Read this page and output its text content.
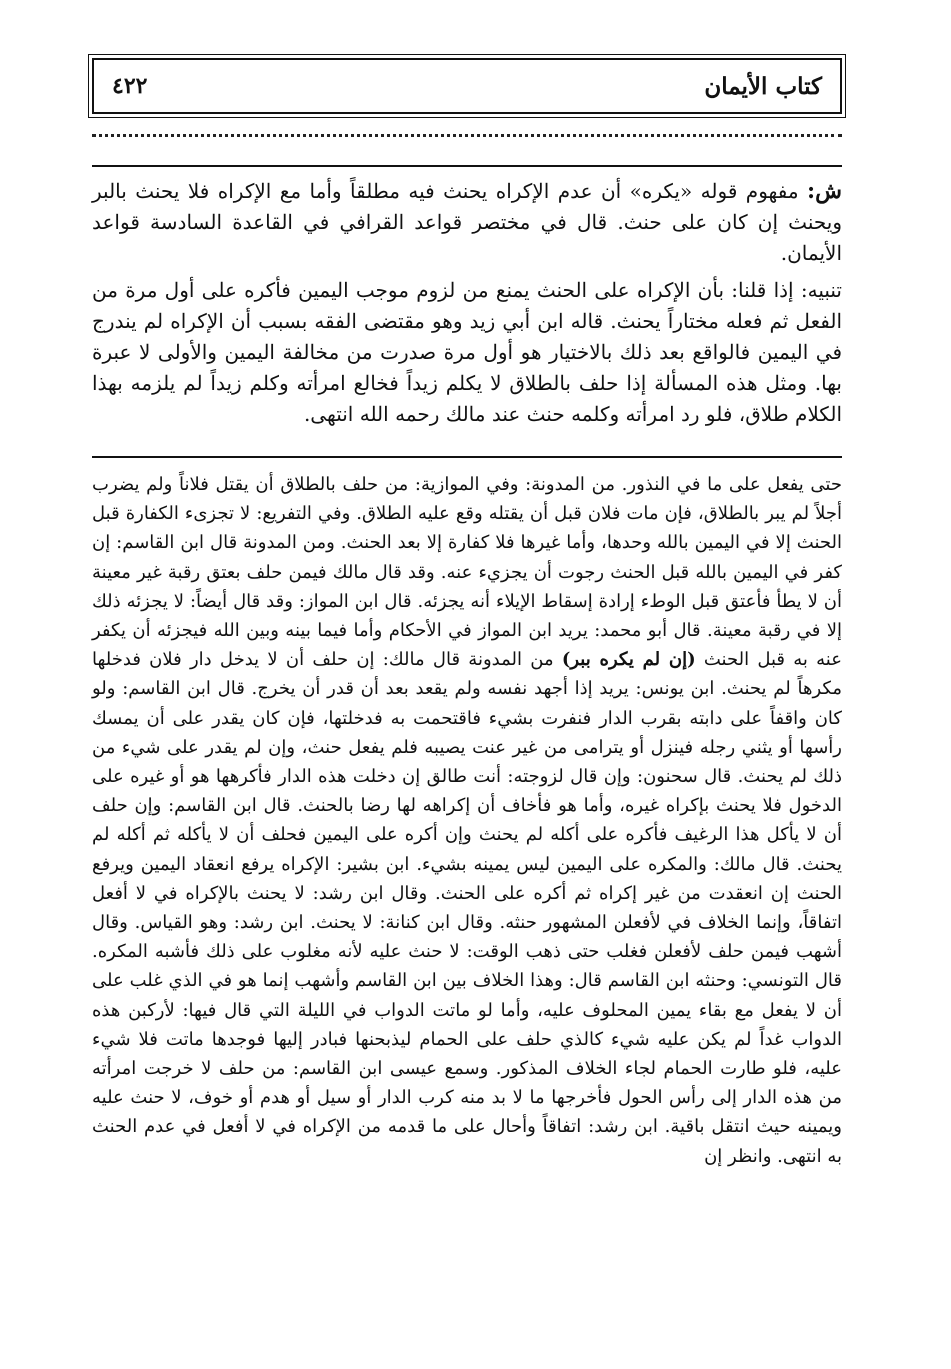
كتاب الأيمان
٤٢٢

ش: مفهوم قوله «يكره» أن عدم الإكراه يحنث فيه مطلقاً وأما مع الإكراه فلا يحنث بالبر ويحنث إن كان على حنث. قال في مختصر قواعد القرافي في القاعدة السادسة قواعد الأيمان.

تنبيه: إذا قلنا: بأن الإكراه على الحنث يمنع من لزوم موجب اليمين فأكره على أول مرة من الفعل ثم فعله مختاراً يحنث. قاله ابن أبي زيد وهو مقتضى الفقه بسبب أن الإكراه لم يندرج في اليمين فالواقع بعد ذلك بالاختيار هو أول مرة صدرت من مخالفة اليمين والأولى لا عبرة بها. ومثل هذه المسألة إذا حلف بالطلاق لا يكلم زيداً فخالع امرأته وكلم زيداً لم يلزمه بهذا الكلام طلاق، فلو رد امرأته وكلمه حنث عند مالك رحمه الله انتهى.

حتى يفعل على ما في النذور. من المدونة: وفي الموازية: من حلف بالطلاق أن يقتل فلاناً ولم يضرب أجلاً لم يبر بالطلاق، فإن مات فلان قبل أن يقتله وقع عليه الطلاق. وفي التفريع: لا تجزىء الكفارة قبل الحنث إلا في اليمين بالله وحدها، وأما غيرها فلا كفارة إلا بعد الحنث. ومن المدونة قال ابن القاسم: إن كفر في اليمين بالله قبل الحنث رجوت أن يجزيء عنه. وقد قال مالك فيمن حلف بعتق رقبة غير معينة أن لا يطأ فأعتق قبل الوطء إرادة إسقاط الإيلاء أنه يجزئه. قال ابن المواز: وقد قال أيضاً: لا يجزئه ذلك إلا في رقبة معينة. قال أبو محمد: يريد ابن المواز في الأحكام وأما فيما بينه وبين الله فيجزئه أن يكفر عنه به قبل الحنث (إن لم يكره ببر) من المدونة قال مالك: إن حلف أن لا يدخل دار فلان فدخلها مكرهاً لم يحنث. ابن يونس: يريد إذا أجهد نفسه ولم يقعد بعد أن قدر أن يخرج. قال ابن القاسم: ولو كان واقفاً على دابته بقرب الدار فنفرت بشيء فاقتحمت به فدخلتها، فإن كان يقدر على أن يمسك رأسها أو يثني رجله فينزل أو يترامى من غير عنت يصيبه فلم يفعل حنث، وإن لم يقدر على شيء من ذلك لم يحنث. قال سحنون: وإن قال لزوجته: أنت طالق إن دخلت هذه الدار فأكرهها هو أو غيره على الدخول فلا يحنث بإكراه غيره، وأما هو فأخاف أن إكراهه لها رضا بالحنث. قال ابن القاسم: وإن حلف أن لا يأكل هذا الرغيف فأكره على أكله لم يحنث وإن أكره على اليمين فحلف أن لا يأكله ثم أكله لم يحنث. قال مالك: والمكره على اليمين ليس يمينه بشيء. ابن بشير: الإكراه يرفع انعقاد اليمين ويرفع الحنث إن انعقدت من غير إكراه ثم أكره على الحنث. وقال ابن رشد: لا يحنث بالإكراه في لا أفعل اتفاقاً، وإنما الخلاف في لأفعلن المشهور حنثه. وقال ابن كنانة: لا يحنث. ابن رشد: وهو القياس. وقال أشهب فيمن حلف لأفعلن فغلب حتى ذهب الوقت: لا حنث عليه لأنه مغلوب على ذلك فأشبه المكره. قال التونسي: وحنثه ابن القاسم قال: وهذا الخلاف بين ابن القاسم وأشهب إنما هو في الذي غلب على أن لا يفعل مع بقاء يمين المحلوف عليه، وأما لو ماتت الدواب في الليلة التي قال فيها: لأركبن هذه الدواب غداً لم يكن عليه شيء كالذي حلف على الحمام ليذبحنها فبادر إليها فوجدها ماتت فلا شيء عليه، فلو طارت الحمام لجاء الخلاف المذكور. وسمع عيسى ابن القاسم: من حلف لا خرجت امرأته من هذه الدار إلى رأس الحول فأخرجها ما لا بد منه كرب الدار أو سيل أو هدم أو خوف، لا حنث عليه ويمينه حيث انتقل باقية. ابن رشد: اتفاقاً وأحال على ما قدمه من الإكراه في لا أفعل في عدم الحنث به انتهى. وانظر إن
